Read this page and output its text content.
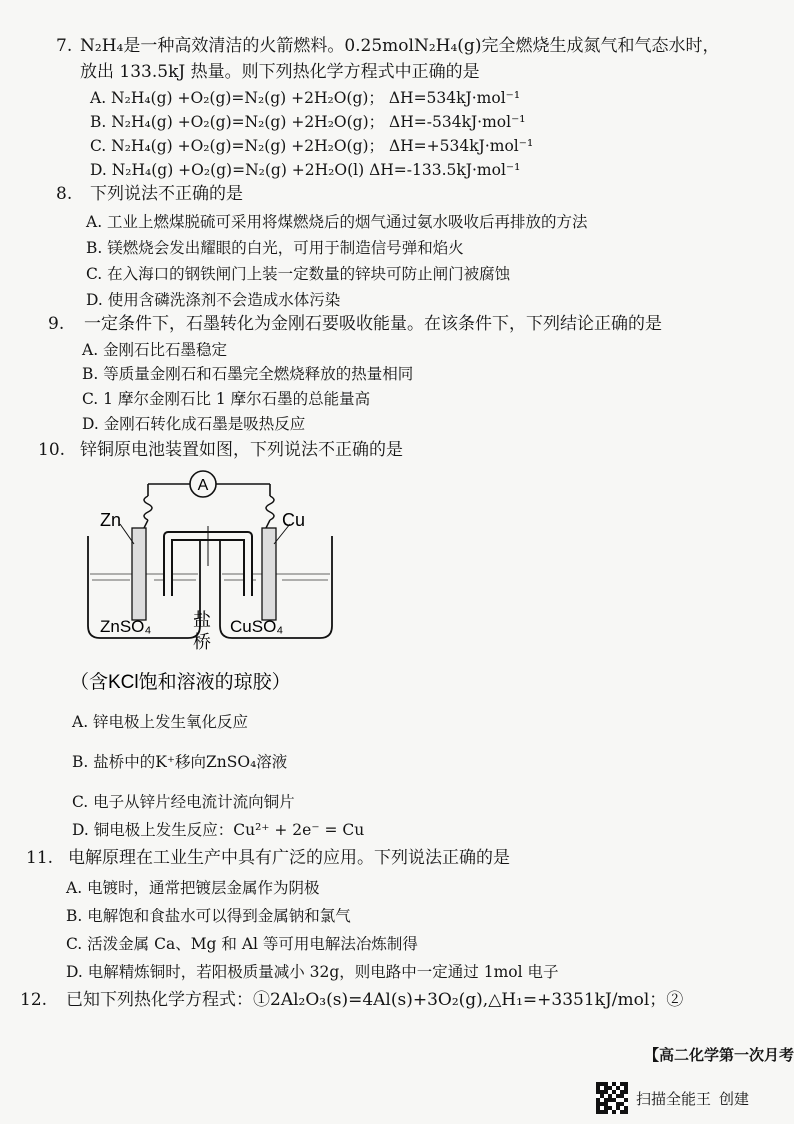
7. N₂H₄是一种高效清洁的火箭燃料。0.25molN₂H₄(g)完全燃烧生成氮气和气态水时，
放出 133.5kJ 热量。则下列热化学方程式中正确的是
A. N₂H₄(g) +O₂(g)=N₂(g) +2H₂O(g)； ΔH=534kJ·mol⁻¹
B. N₂H₄(g) +O₂(g)=N₂(g) +2H₂O(g)； ΔH=-534kJ·mol⁻¹
C. N₂H₄(g) +O₂(g)=N₂(g) +2H₂O(g)； ΔH=+534kJ·mol⁻¹
D. N₂H₄(g) +O₂(g)=N₂(g) +2H₂O(l) ΔH=-133.5kJ·mol⁻¹
8. 下列说法不正确的是
A. 工业上燃煤脱硫可采用将煤燃烧后的烟气通过氨水吸收后再排放的方法
B. 镁燃烧会发出耀眼的白光，可用于制造信号弹和焰火
C. 在入海口的钢铁闸门上装一定数量的锌块可防止闸门被腐蚀
D. 使用含磷洗涤剂不会造成水体污染
9. 一定条件下，石墨转化为金刚石要吸收能量。在该条件下，下列结论正确的是
A. 金刚石比石墨稳定
B. 等质量金刚石和石墨完全燃烧释放的热量相同
C. 1 摩尔金刚石比 1 摩尔石墨的总能量高
D. 金刚石转化成石墨是吸热反应
10. 锌铜原电池装置如图，下列说法不正确的是
A
Zn	Cu
ZnSO₄	CuSO₄
盐
桥
（含KCl饱和溶液的琼胶）
A. 锌电极上发生氧化反应
B. 盐桥中的K⁺移向ZnSO₄溶液
C. 电子从锌片经电流计流向铜片
D. 铜电极上发生反应：Cu²⁺ + 2e⁻ = Cu
11. 电解原理在工业生产中具有广泛的应用。下列说法正确的是
A. 电镀时，通常把镀层金属作为阴极
B. 电解饱和食盐水可以得到金属钠和氯气
C. 活泼金属 Ca、Mg 和 Al 等可用电解法冶炼制得
D. 电解精炼铜时，若阳极质量减小 32g，则电路中一定通过 1mol 电子
12. 已知下列热化学方程式：①2Al₂O₃(s)=4Al(s)+3O₂(g),△H₁=+3351kJ/mol；②
【高二化学第一次月考
扫描全能王 创建
